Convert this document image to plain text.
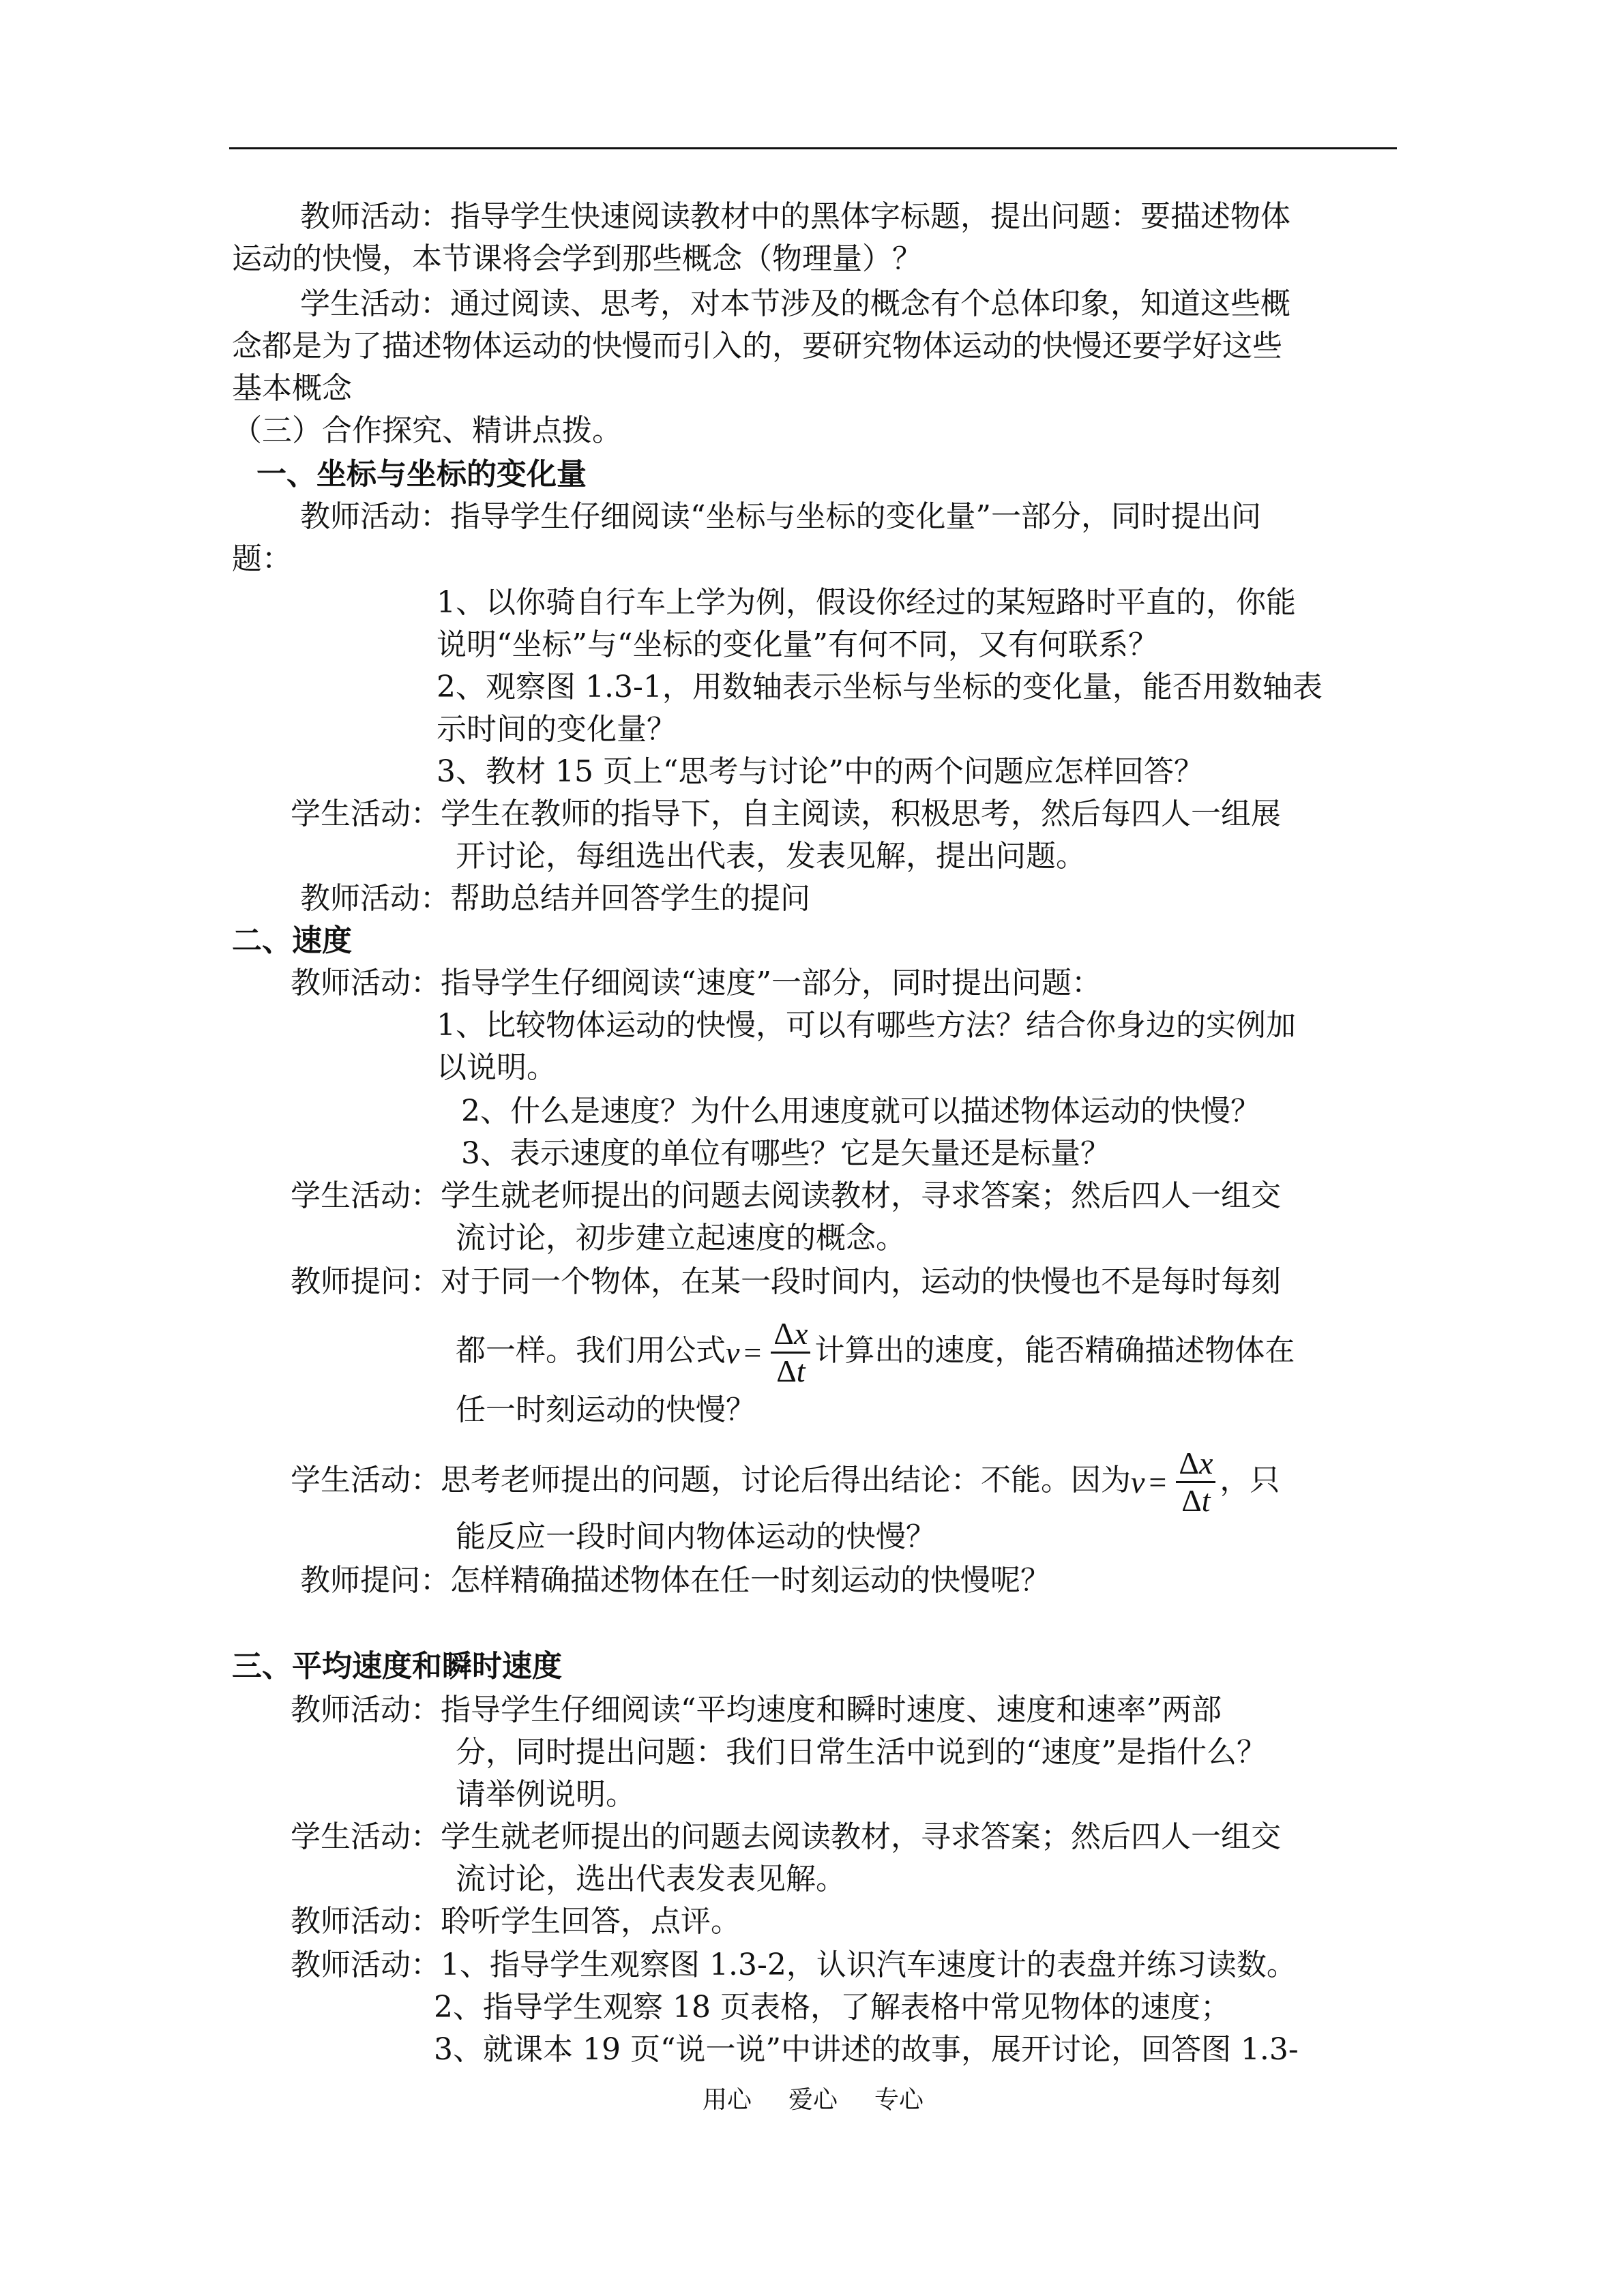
教师活动：指导学生快速阅读教材中的黑体字标题，提出问题：要描述物体
运动的快慢，本节课将会学到那些概念（物理量）？
学生活动：通过阅读、思考，对本节涉及的概念有个总体印象，知道这些概
念都是为了描述物体运动的快慢而引入的，要研究物体运动的快慢还要学好这些
基本概念
（三）合作探究、精讲点拨。
一、坐标与坐标的变化量
教师活动：指导学生仔细阅读“坐标与坐标的变化量”一部分，同时提出问
题：
1、以你骑自行车上学为例，假设你经过的某短路时平直的，你能
说明“坐标”与“坐标的变化量”有何不同，又有何联系？
2、观察图 1.3-1，用数轴表示坐标与坐标的变化量，能否用数轴表
示时间的变化量？
3、教材 15 页上“思考与讨论”中的两个问题应怎样回答？
学生活动：学生在教师的指导下，自主阅读，积极思考，然后每四人一组展
开讨论，每组选出代表，发表见解，提出问题。
教师活动：帮助总结并回答学生的提问
二、速度
教师活动：指导学生仔细阅读“速度”一部分，同时提出问题：
1、比较物体运动的快慢，可以有哪些方法？结合你身边的实例加
以说明。
2、什么是速度？为什么用速度就可以描述物体运动的快慢？
3、表示速度的单位有哪些？它是矢量还是标量？
学生活动：学生就老师提出的问题去阅读教材，寻求答案；然后四人一组交
流讨论，初步建立起速度的概念。
教师提问：对于同一个物体，在某一段时间内，运动的快慢也不是每时每刻
都一样。我们用公式 $v = \frac{\Delta x}{\Delta t}$ 计算出的速度，能否精确描述物体在
任一时刻运动的快慢？
学生活动：思考老师提出的问题，讨论后得出结论：不能。因为 $v = \frac{\Delta x}{\Delta t}$ ，只
能反应一段时间内物体运动的快慢？
教师提问：怎样精确描述物体在任一时刻运动的快慢呢？
三、平均速度和瞬时速度
教师活动：指导学生仔细阅读“平均速度和瞬时速度、速度和速率”两部
分，同时提出问题：我们日常生活中说到的“速度”是指什么？
请举例说明。
学生活动：学生就老师提出的问题去阅读教材，寻求答案；然后四人一组交
流讨论，选出代表发表见解。
教师活动：聆听学生回答，点评。
教师活动：1、指导学生观察图 1.3-2，认识汽车速度计的表盘并练习读数。
2、指导学生观察 18 页表格，了解表格中常见物体的速度；
3、就课本 19 页“说一说”中讲述的故事，展开讨论，回答图 1.3-
用心 爱心 专心
